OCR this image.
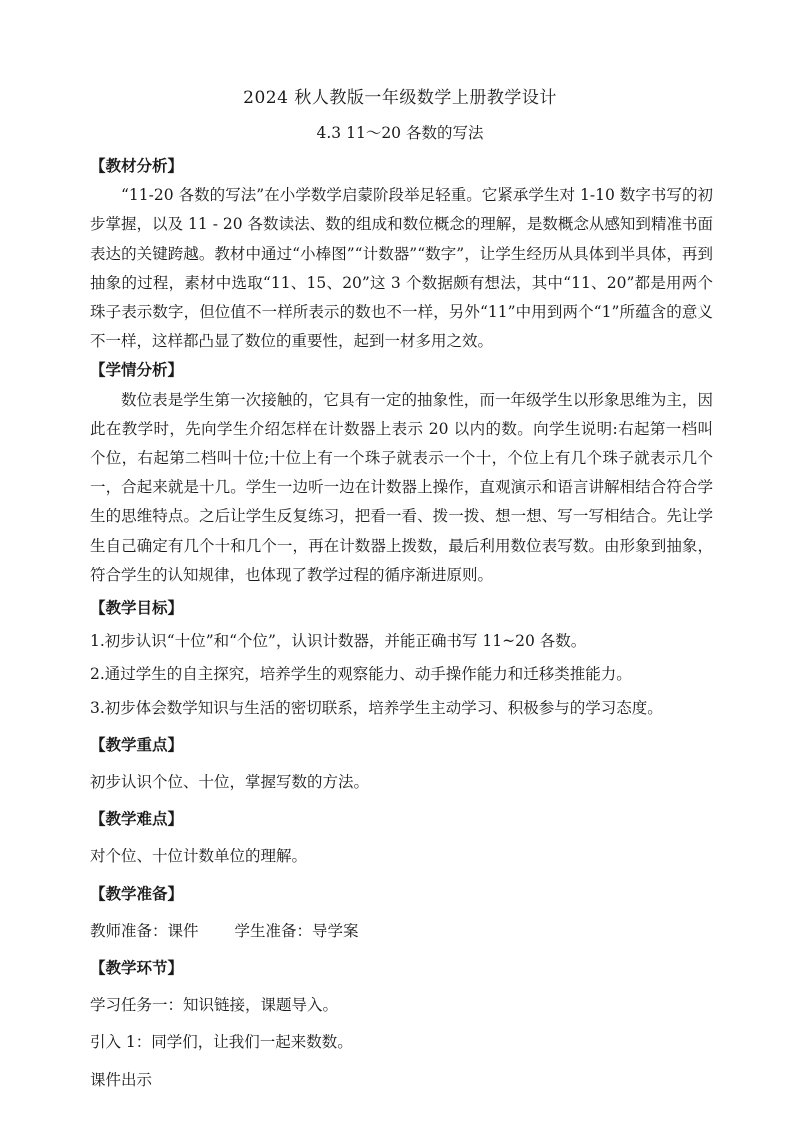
2024 秋人教版一年级数学上册教学设计
4.3 11～20 各数的写法
【教材分析】

“11-20 各数的写法”在小学数学启蒙阶段举足轻重。它紧承学生对 1-10 数字书写的初步掌握，以及 11 - 20 各数读法、数的组成和数位概念的理解，是数概念从感知到精准书面表达的关键跨越。教材中通过“小棒图”“计数器”“数字”，让学生经历从具体到半具体，再到抽象的过程，素材中选取“11、15、20”这 3 个数据颇有想法，其中“11、20”都是用两个珠子表示数字，但位值不一样所表示的数也不一样，另外“11”中用到两个“1”所蕴含的意义不一样，这样都凸显了数位的重要性，起到一材多用之效。

【学情分析】

数位表是学生第一次接触的，它具有一定的抽象性，而一年级学生以形象思维为主，因此在教学时，先向学生介绍怎样在计数器上表示 20 以内的数。向学生说明:右起第一档叫个位，右起第二档叫十位;十位上有一个珠子就表示一个十，个位上有几个珠子就表示几个一，合起来就是十几。学生一边听一边在计数器上操作，直观演示和语言讲解相结合符合学生的思维特点。之后让学生反复练习，把看一看、拨一拨、想一想、写一写相结合。先让学生自己确定有几个十和几个一，再在计数器上拨数，最后利用数位表写数。由形象到抽象，符合学生的认知规律，也体现了教学过程的循序渐进原则。

【教学目标】

1.初步认识“十位”和“个位”，认识计数器，并能正确书写 11~20 各数。

2.通过学生的自主探究，培养学生的观察能力、动手操作能力和迁移类推能力。

3.初步体会数学知识与生活的密切联系，培养学生主动学习、积极参与的学习态度。

【教学重点】

初步认识个位、十位，掌握写数的方法。

【教学难点】

对个位、十位计数单位的理解。

【教学准备】

教师准备：课件 学生准备：导学案

【教学环节】

学习任务一：知识链接，课题导入。

引入 1：同学们，让我们一起来数数。

课件出示
